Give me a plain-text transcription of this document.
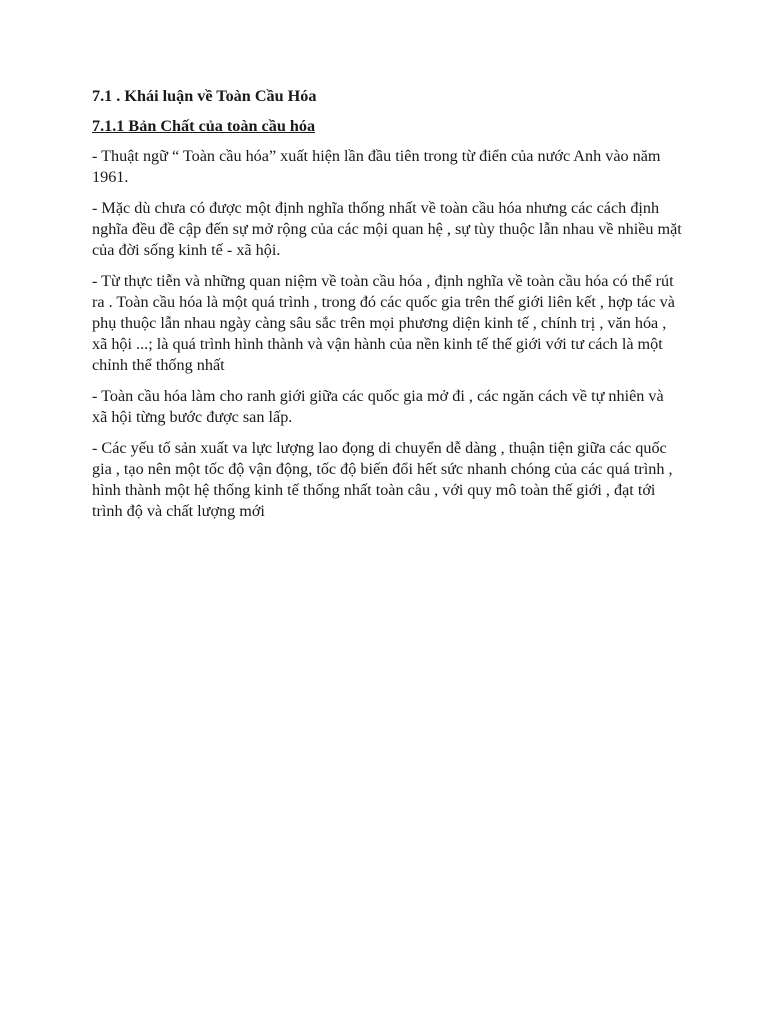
7.1 . Khái luận về Toàn Cầu Hóa
7.1.1 Bản Chất của toàn cầu hóa

- Thuật ngữ “ Toàn cầu hóa” xuất hiện lần đầu tiên trong từ điển của nước Anh vào năm 1961.

- Mặc dù chưa có được một định nghĩa thống nhất về toàn cầu hóa nhưng các cách định nghĩa đều đề cập đến sự mở rộng của các mội quan hệ , sự tùy thuộc lẫn nhau về nhiều mặt của đời sống kinh tế - xã hội.

- Từ thực tiễn và những quan niệm về toàn cầu hóa , định nghĩa về toàn cầu hóa có thể rút ra . Toàn cầu hóa là một quá trình , trong đó các quốc gia trên thế giới liên kết , hợp tác và phụ thuộc lẫn nhau ngày càng sâu sắc trên mọi phương diện kinh tế , chính trị , văn hóa , xã hội ...; là quá trình hình thành và vận hành của nền kinh tế thế giới với tư cách là một chỉnh thể thống nhất

- Toàn cầu hóa làm cho ranh giới giữa các quốc gia mở đi , các ngăn cách về tự nhiên và xã hội từng bước được san lấp.

- Các yếu tố sản xuất va lực lượng lao đọng di chuyển dễ dàng , thuận tiện giữa các quốc gia , tạo nên một tốc độ vận động, tốc độ biến đổi hết sức nhanh chóng của các quá trình , hình thành một hệ thống kinh tế thống nhất toàn câu , với quy mô toàn thế giới , đạt tới trình độ và chất lượng mới
